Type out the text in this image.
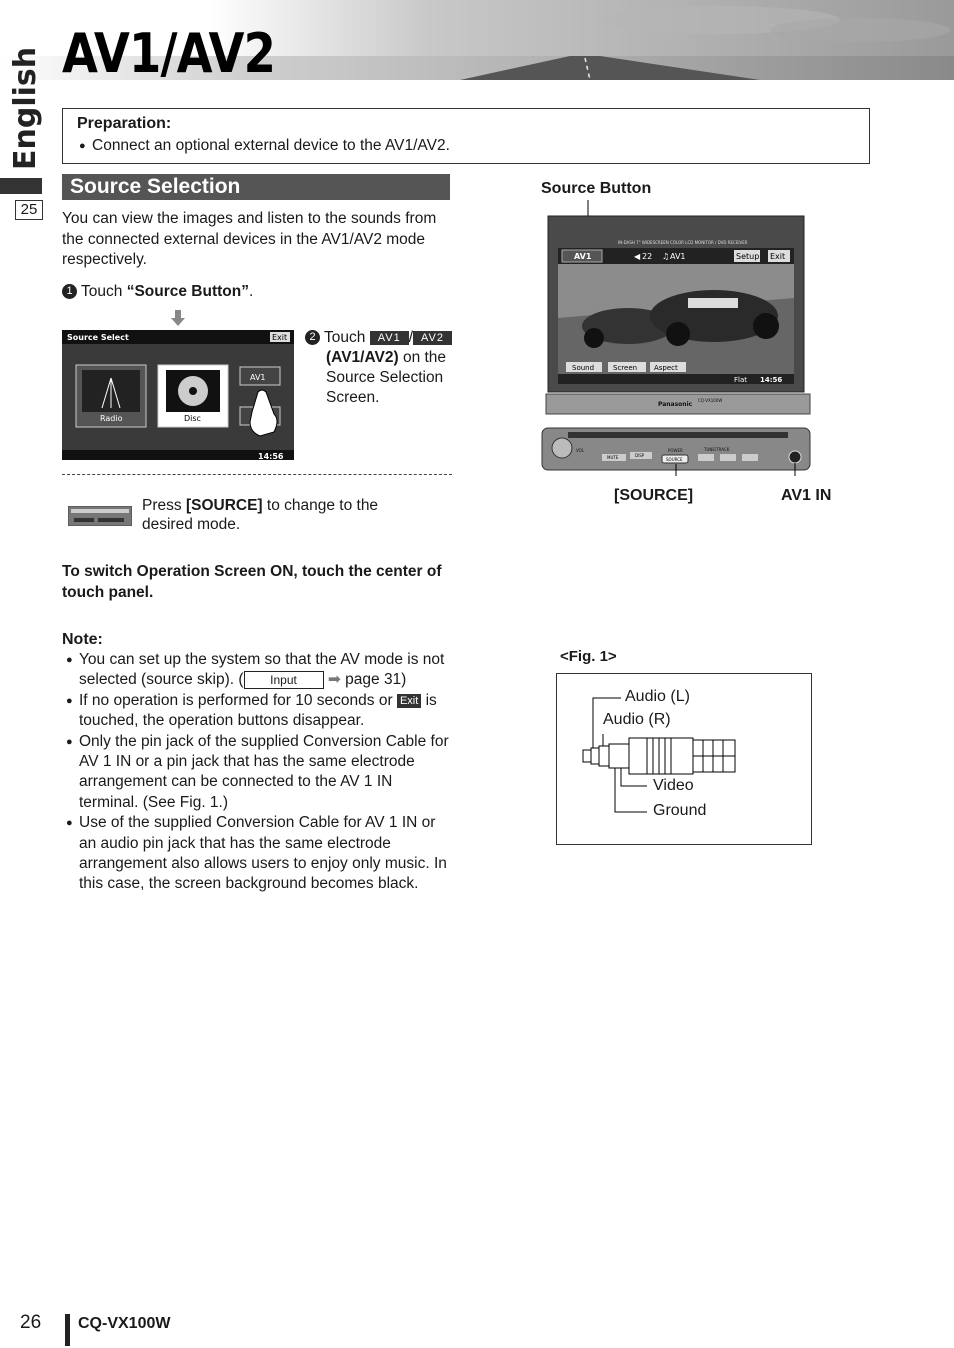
AV1/AV2
English
25
Preparation:
● Connect an optional external device to the AV1/AV2.
Source Selection
You can view the images and listen to the sounds from the connected external devices in the AV1/AV2 mode respectively.
1 Touch “Source Button”.
Source Select	Exit
Radio	Disc
AV1
14:56
2 Touch AV1 / AV2
(AV1/AV2) on the Source Selection Screen.
Press [SOURCE] to change to the desired mode.
To switch Operation Screen ON, touch the center of touch panel.
Note:
● You can set up the system so that the AV mode is not selected (source skip). ( Input ➡ page 31)
● If no operation is performed for 10 seconds or Exit is touched, the operation buttons disappear.
● Only the pin jack of the supplied Conversion Cable for AV 1 IN or a pin jack that has the same electrode arrangement can be connected to the AV 1 IN terminal. (See Fig. 1.)
● Use of the supplied Conversion Cable for AV 1 IN or an audio pin jack that has the same electrode arrangement also allows users to enjoy only music. In this case, the screen background becomes black.
Source Button
IN-DASH 7" WIDESCREEN COLOR LCD MONITOR / DVD RECEIVER
AV1	◀ 22 ♫ AV1	Setup Exit
Sound	Screen Aspect
Flat 14:56
Panasonic
CQ-VX100W
VOL
MUTE	DISP
POWER
SOURCE
TUNE/TRACK
[SOURCE]	AV1 IN
<Fig. 1>
Audio (L)
Audio (R)
Video
Ground
26 CQ-VX100W
